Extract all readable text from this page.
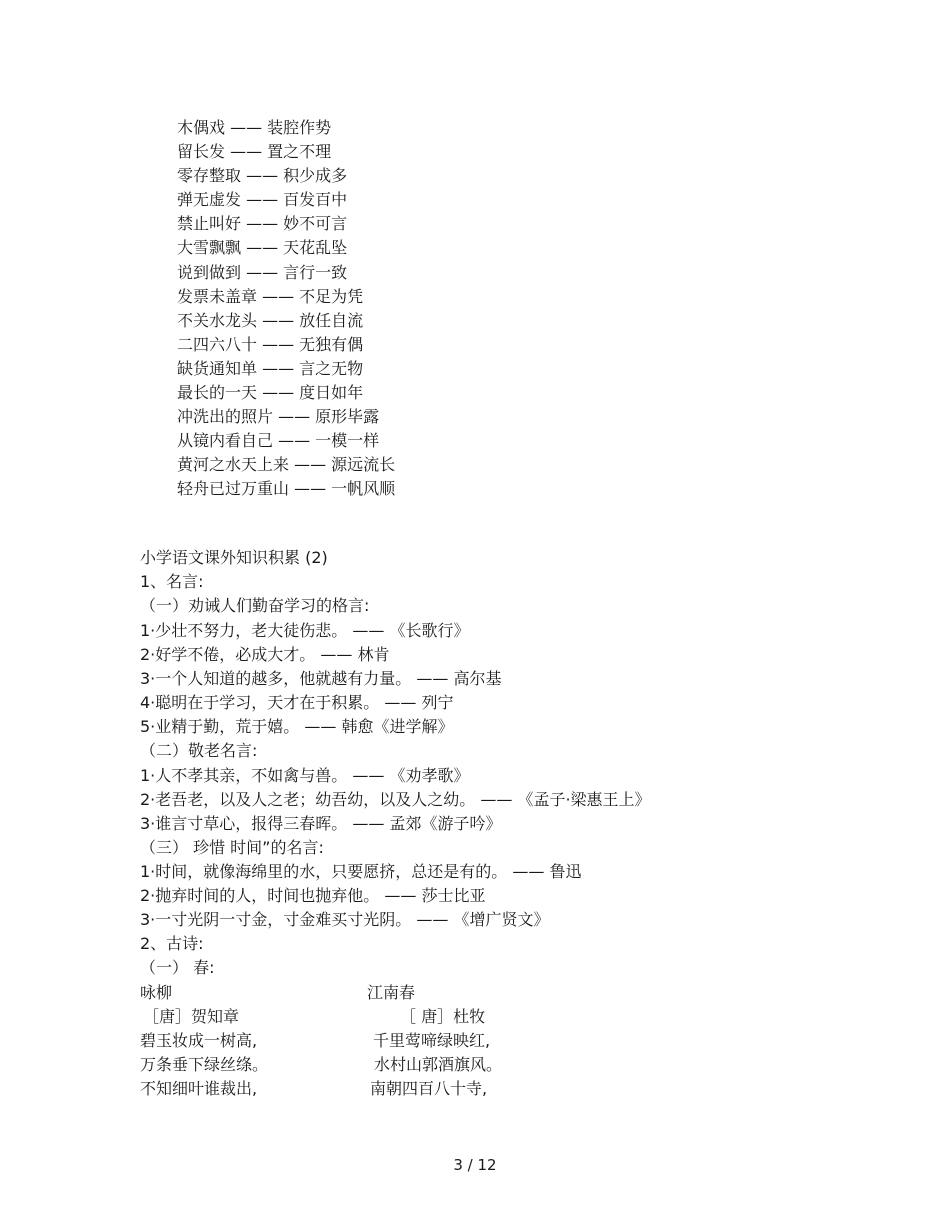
木偶戏 —— 装腔作势
留长发 —— 置之不理
零存整取 —— 积少成多
弹无虚发 —— 百发百中
禁止叫好 —— 妙不可言
大雪飘飘 —— 天花乱坠
说到做到 —— 言行一致
发票未盖章 —— 不足为凭
不关水龙头 —— 放任自流
二四六八十 —— 无独有偶
缺货通知单 —— 言之无物
最长的一天 —— 度日如年
冲洗出的照片 —— 原形毕露
从镜内看自己 —— 一模一样
黄河之水天上来 —— 源远流长
轻舟已过万重山 —— 一帆风顺
小学语文课外知识积累 (2)
1、名言:
（一）劝诫人们勤奋学习的格言:
1·少壮不努力，老大徒伤悲。 —— 《长歌行》
2·好学不倦，必成大才。 —— 林肯
3·一个人知道的越多，他就越有力量。 —— 高尔基
4·聪明在于学习，天才在于积累。 —— 列宁
5·业精于勤，荒于嬉。 —— 韩愈《进学解》
（二）敬老名言:
1·人不孝其亲，不如禽与兽。 —— 《劝孝歌》
2·老吾老，以及人之老；幼吾幼，以及人之幼。 —— 《孟子·梁惠王上》
3·谁言寸草心，报得三春晖。 —— 孟郊《游子吟》
（三） 珍惜 时间”的名言:
1·时间，就像海绵里的水，只要愿挤，总还是有的。 —— 鲁迅
2·抛弃时间的人，时间也抛弃他。 —— 莎士比亚
3·一寸光阴一寸金，寸金难买寸光阴。 —— 《增广贤文》
2、古诗:
（一） 春:
咏柳	江南春
［唐］贺知章	［ 唐］杜牧
碧玉妆成一树高,	千里莺啼绿映红,
万条垂下绿丝绦。	水村山郭酒旗风。
不知细叶谁裁出,	南朝四百八十寺,
3 / 12
